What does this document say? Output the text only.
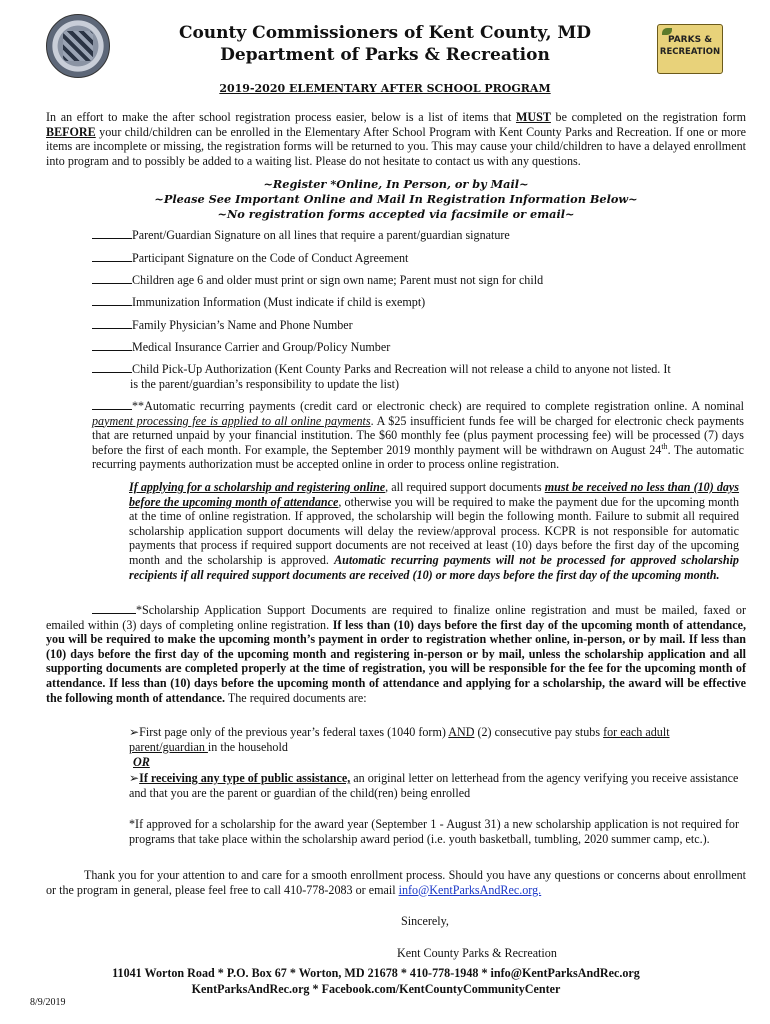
PARKS &
RECREATION
County Commissioners of Kent County, MD
Department of Parks & Recreation
2019-2020 ELEMENTARY AFTER SCHOOL PROGRAM
In an effort to make the after school registration process easier, below is a list of items that MUST be completed on the registration form BEFORE your child/children can be enrolled in the Elementary After School Program with Kent County Parks and Recreation. If one or more items are incomplete or missing, the registration forms will be returned to you. This may cause your child/children to have a delayed enrollment into program and to possibly be added to a waiting list. Please do not hesitate to contact us with any questions.
~Register *Online, In Person, or by Mail~
~Please See Important Online and Mail In Registration Information Below~
~No registration forms accepted via facsimile or email~
Parent/Guardian Signature on all lines that require a parent/guardian signature
Participant Signature on the Code of Conduct Agreement
Children age 6 and older must print or sign own name; Parent must not sign for child
Immunization Information (Must indicate if child is exempt)
Family Physician’s Name and Phone Number
Medical Insurance Carrier and Group/Policy Number
Child Pick-Up Authorization (Kent County Parks and Recreation will not release a child to anyone not listed. It
is the parent/guardian’s responsibility to update the list)
**Automatic recurring payments (credit card or electronic check) are required to complete registration online. A nominal payment processing fee is applied to all online payments. A $25 insufficient funds fee will be charged for electronic check payments that are returned unpaid by your financial institution. The $60 monthly fee (plus payment processing fee) will be processed (7) days before the first of each month. For example, the September 2019 monthly payment will be withdrawn on August 24th. The automatic recurring payments authorization must be accepted online in order to process online registration.
If applying for a scholarship and registering online, all required support documents must be received no less than (10) days before the upcoming month of attendance, otherwise you will be required to make the payment due for the upcoming month at the time of online registration. If approved, the scholarship will begin the following month. Failure to submit all required scholarship application support documents will delay the review/approval process. KCPR is not responsible for automatic payments that process if required support documents are not received at least (10) days before the first day of the upcoming month and the scholarship is approved. Automatic recurring payments will not be processed for approved scholarship recipients if all required support documents are received (10) or more days before the first day of the upcoming month.
*Scholarship Application Support Documents are required to finalize online registration and must be mailed, faxed or emailed within (3) days of completing online registration. If less than (10) days before the first day of the upcoming month of attendance, you will be required to make the upcoming month’s payment in order to registration whether online, in-person, or by mail. If less than (10) days before the first day of the upcoming month and registering in-person or by mail, unless the scholarship application and all supporting documents are completed properly at the time of registration, you will be responsible for the fee for the upcoming month of attendance. If less than (10) days before the upcoming month of attendance and applying for a scholarship, the award will be effective the following month of attendance. The required documents are:
➢First page only of the previous year’s federal taxes (1040 form) AND (2) consecutive pay stubs for each adult parent/guardian in the household
OR
➢If receiving any type of public assistance, an original letter on letterhead from the agency verifying you receive assistance and that you are the parent or guardian of the child(ren) being enrolled
*If approved for a scholarship for the award year (September 1 - August 31) a new scholarship application is not required for programs that take place within the scholarship award period (i.e. youth basketball, tumbling, 2020 summer camp, etc.).
Thank you for your attention to and care for a smooth enrollment process. Should you have any questions or concerns about enrollment or the program in general, please feel free to call 410-778-2083 or email info@KentParksAndRec.org.
Sincerely,
Kent County Parks & Recreation
11041 Worton Road * P.O. Box 67 * Worton, MD 21678 * 410-778-1948 * info@KentParksAndRec.org
KentParksAndRec.org * Facebook.com/KentCountyCommunityCenter
8/9/2019
